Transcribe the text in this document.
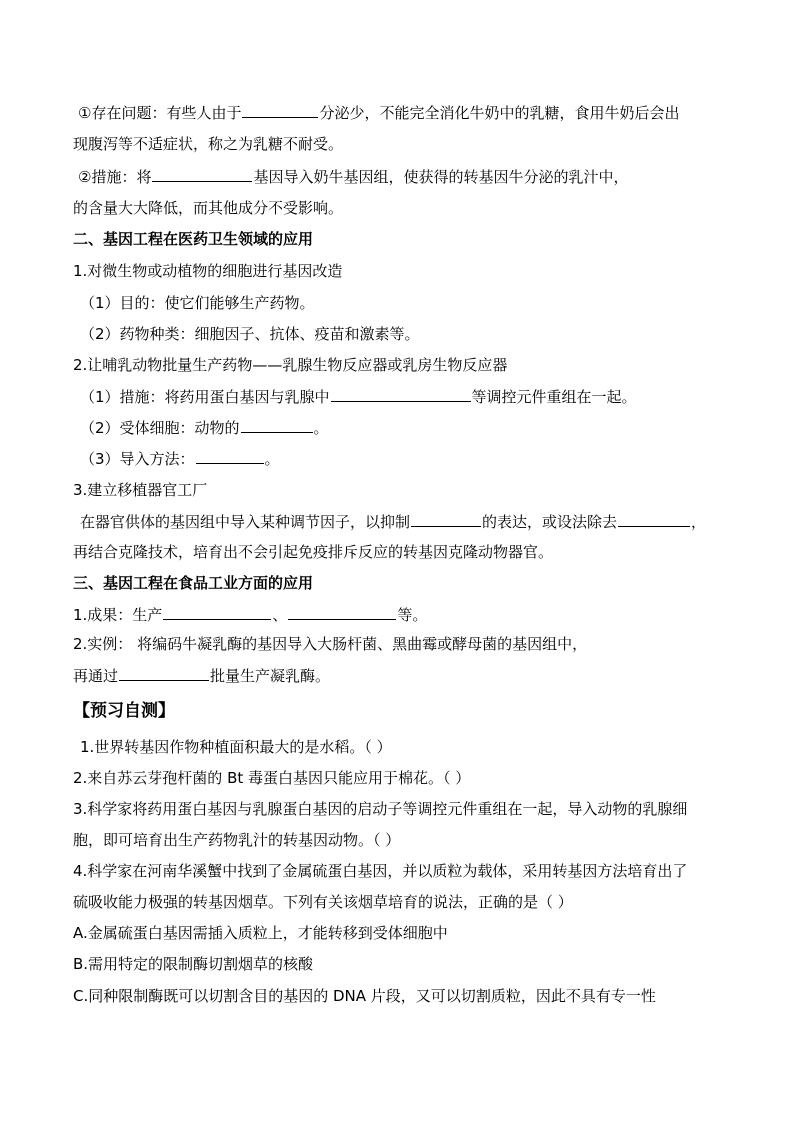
①存在问题：有些人由于	分泌少，不能完全消化牛奶中的乳糖，食用牛奶后会出
现腹泻等不适症状，称之为乳糖不耐受。
②措施：将	基因导入奶牛基因组，使获得的转基因牛分泌的乳汁中，
的含量大大降低，而其他成分不受影响。
二、基因工程在医药卫生领域的应用
1.对微生物或动植物的细胞进行基因改造
（1）目的：使它们能够生产药物。
（2）药物种类：细胞因子、抗体、疫苗和激素等。
2.让哺乳动物批量生产药物——乳腺生物反应器或乳房生物反应器
（1）措施：将药用蛋白基因与乳腺中	等调控元件重组在一起。
（2）受体细胞：动物的	。
（3）导入方法：	。
3.建立移植器官工厂
在器官供体的基因组中导入某种调节因子，以抑制	的表达，或设法除去	，
再结合克隆技术，培育出不会引起免疫排斥反应的转基因克隆动物器官。
三、基因工程在食品工业方面的应用
1.成果：生产	、	等。
2.实例： 将编码牛凝乳酶的基因导入大肠杆菌、黑曲霉或酵母菌的基因组中，
再通过	批量生产凝乳酶。
【预习自测】
1.世界转基因作物种植面积最大的是水稻。（ ）
2.来自苏云芽孢杆菌的 Bt 毒蛋白基因只能应用于棉花。（ ）
3.科学家将药用蛋白基因与乳腺蛋白基因的启动子等调控元件重组在一起，导入动物的乳腺细
胞，即可培育出生产药物乳汁的转基因动物。（ ）
4.科学家在河南华溪蟹中找到了金属硫蛋白基因，并以质粒为载体，采用转基因方法培育出了
硫吸收能力极强的转基因烟草。下列有关该烟草培育的说法，正确的是（ ）
A.金属硫蛋白基因需插入质粒上，才能转移到受体细胞中
B.需用特定的限制酶切割烟草的核酸
C.同种限制酶既可以切割含目的基因的 DNA 片段，又可以切割质粒，因此不具有专一性
